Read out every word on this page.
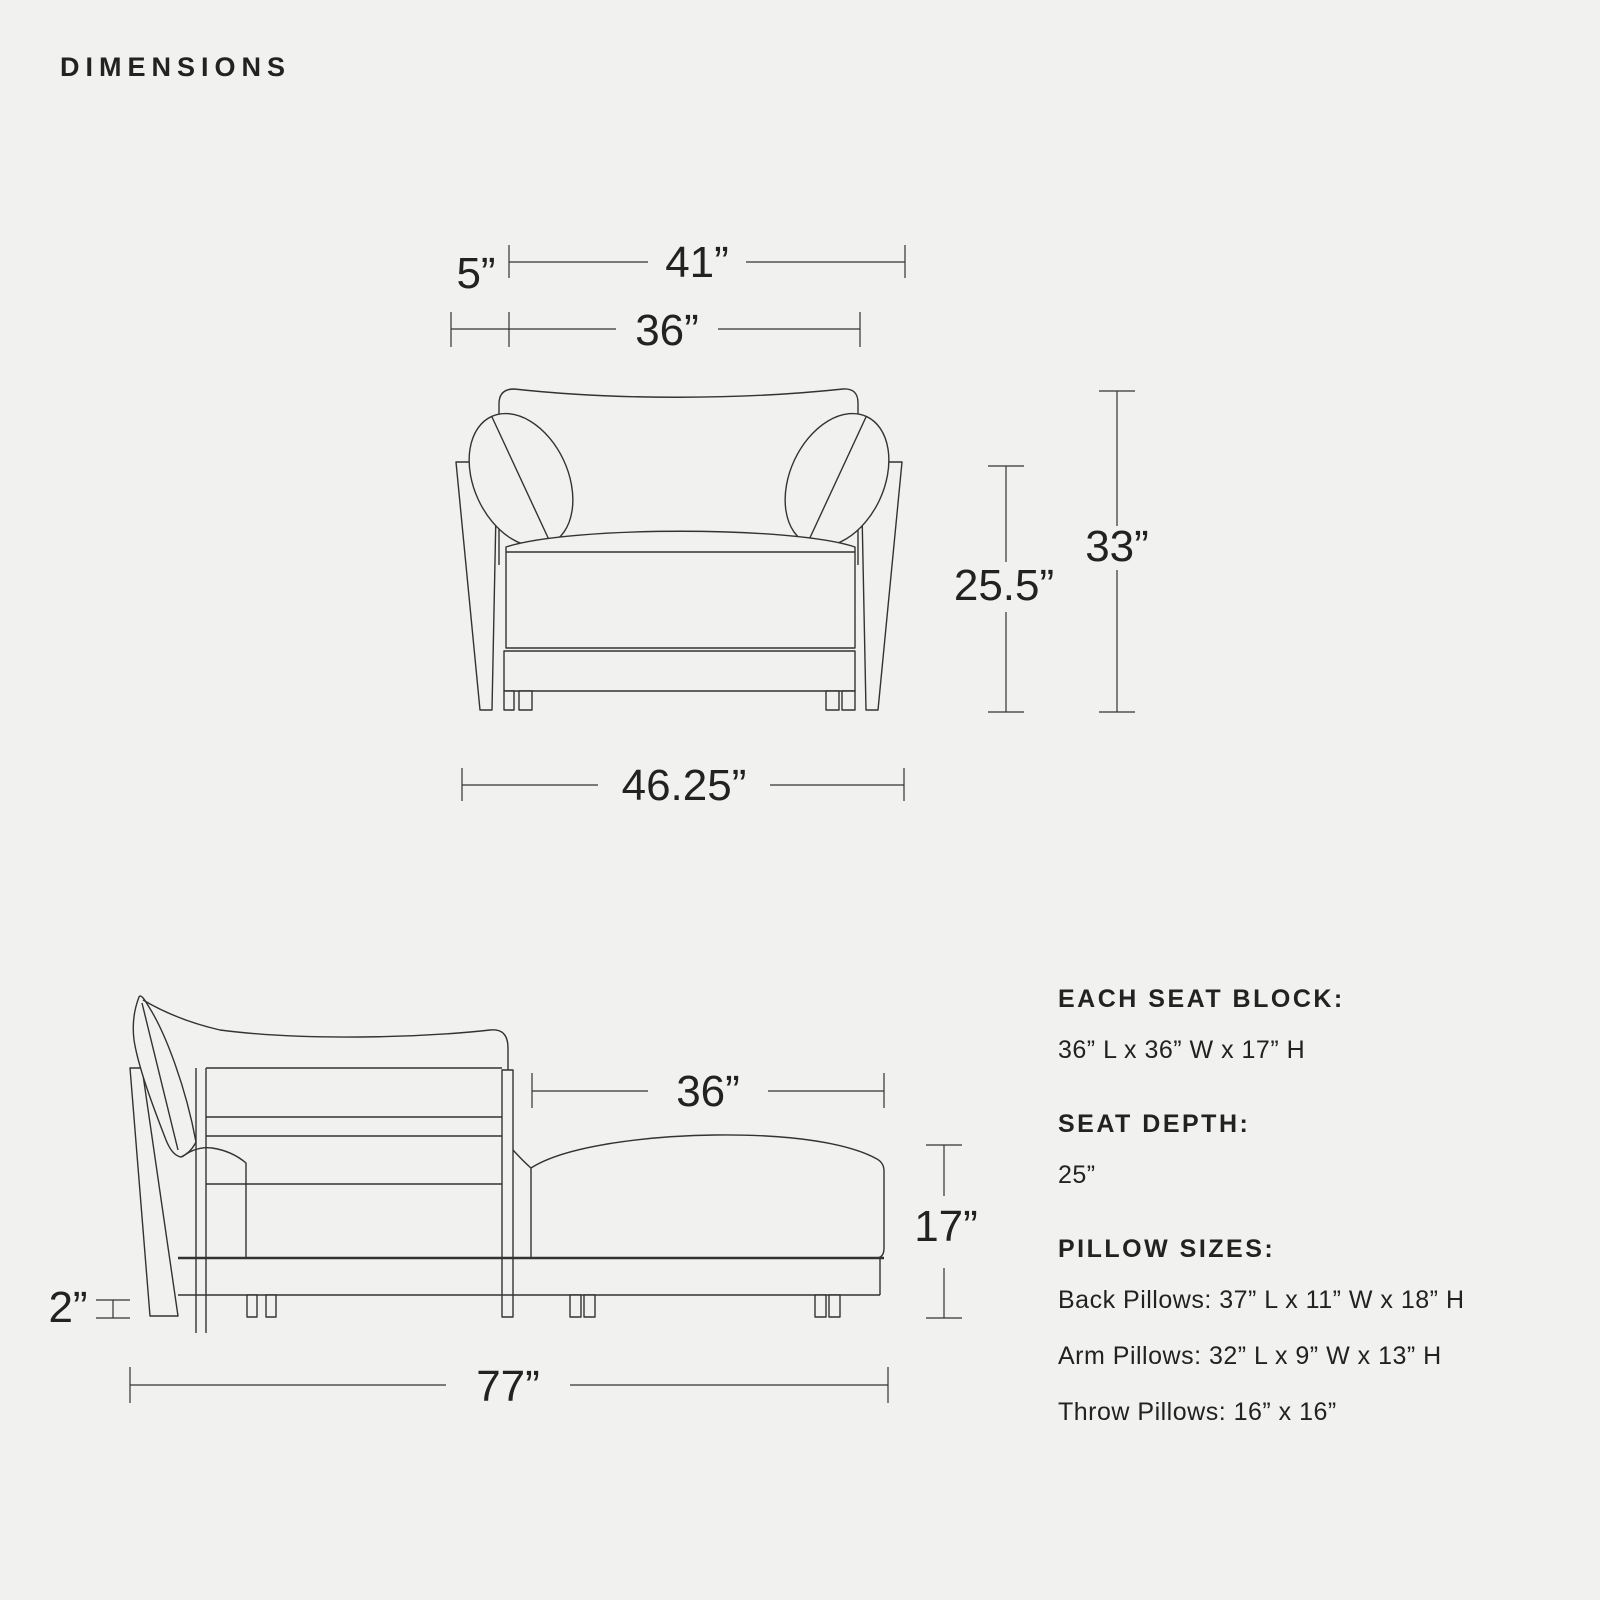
DIMENSIONS
41”
36”
5”
46.25”
25.5”
33”
36”
17”
2”
77”

EACH SEAT BLOCK:

36” L x 36” W x 17” H

SEAT DEPTH:

25”

PILLOW SIZES:

Back Pillows: 37” L x 11” W x 18” H

Arm Pillows: 32” L x 9” W x 13” H

Throw Pillows: 16” x 16”
